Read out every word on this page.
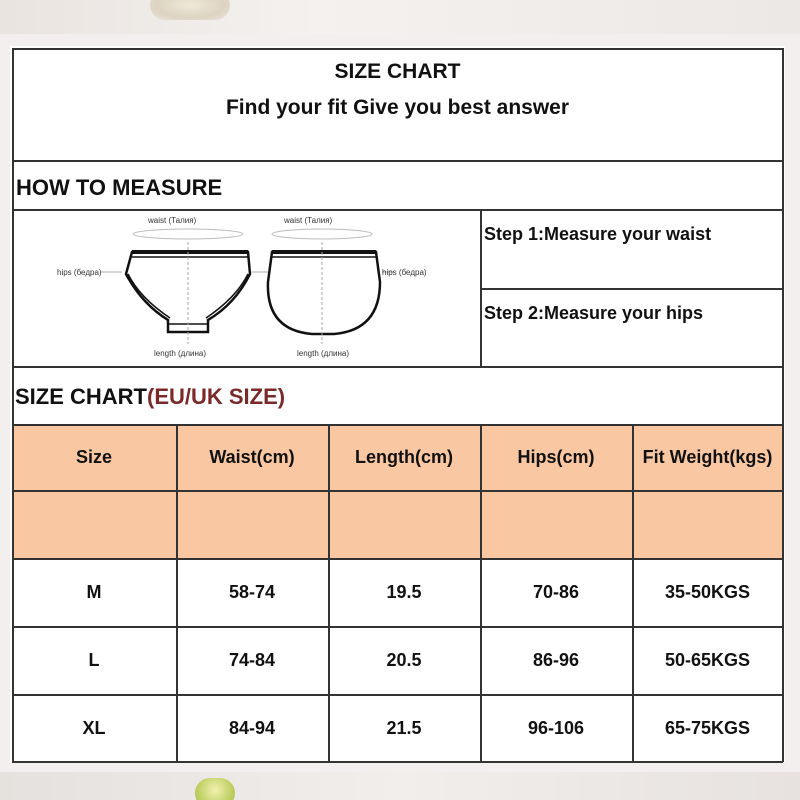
SIZE CHART
Find your fit Give you best answer
HOW TO MEASURE
waist (Талия)	waist (Талия)
hips (бедра)	hips (бедра)
length (длина)	length (длина)
Step 1:Measure your waist
Step 2:Measure your hips
SIZE CHART(EU/UK SIZE)
Size	Waist(cm)	Length(cm)	Hips(cm)	Fit Weight(kgs)
M	58-74	19.5	70-86	35-50KGS
L	74-84	20.5	86-96	50-65KGS
XL	84-94	21.5	96-106	65-75KGS
